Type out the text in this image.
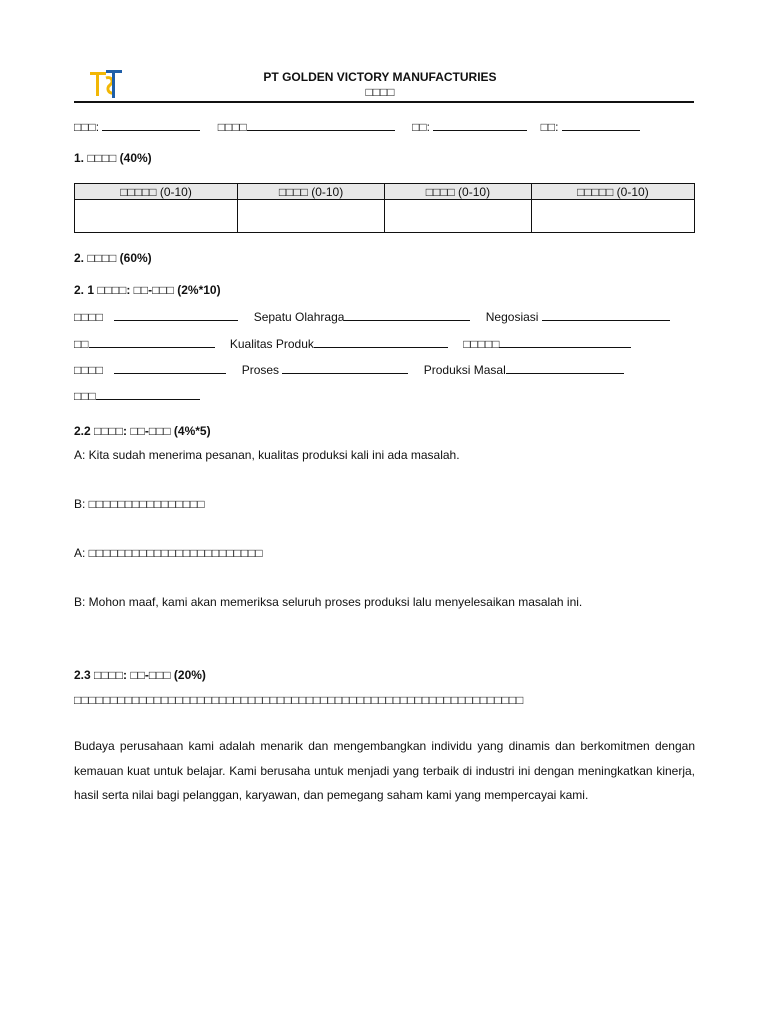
PT GOLDEN VICTORY MANUFACTURIES
□□□□
□□□:	□□□□	□□:	□□:
1. □□□□ (40%)
□□□□□ (0-10)	□□□□ (0-10)	□□□□ (0-10)	□□□□□ (0-10)

2. □□□□ (60%)
2. 1 □□□□: □□-□□□ (2%*10)
□□□□	Sepatu Olahraga	Negosiasi
□□	Kualitas Produk	□□□□□
□□□□	Proses	Produksi Masal
□□□
2.2 □□□□: □□-□□□ (4%*5)
A: Kita sudah menerima pesanan, kualitas produksi kali ini ada masalah.
B: □□□□□□□□□□□□□□□□
A: □□□□□□□□□□□□□□□□□□□□□□□□
B: Mohon maaf, kami akan memeriksa seluruh proses produksi lalu menyelesaikan masalah ini.
2.3 □□□□: □□-□□□ (20%)
□□□□□□□□□□□□□□□□□□□□□□□□□□□□□□□□□□□□□□□□□□□□□□□□□□□□□□□□□□□□□□
Budaya perusahaan kami adalah menarik dan mengembangkan individu yang dinamis dan berkomitmen dengan kemauan kuat untuk belajar. Kami berusaha untuk menjadi yang terbaik di industri ini dengan meningkatkan kinerja, hasil serta nilai bagi pelanggan, karyawan, dan pemegang saham kami yang mempercayai kami.
